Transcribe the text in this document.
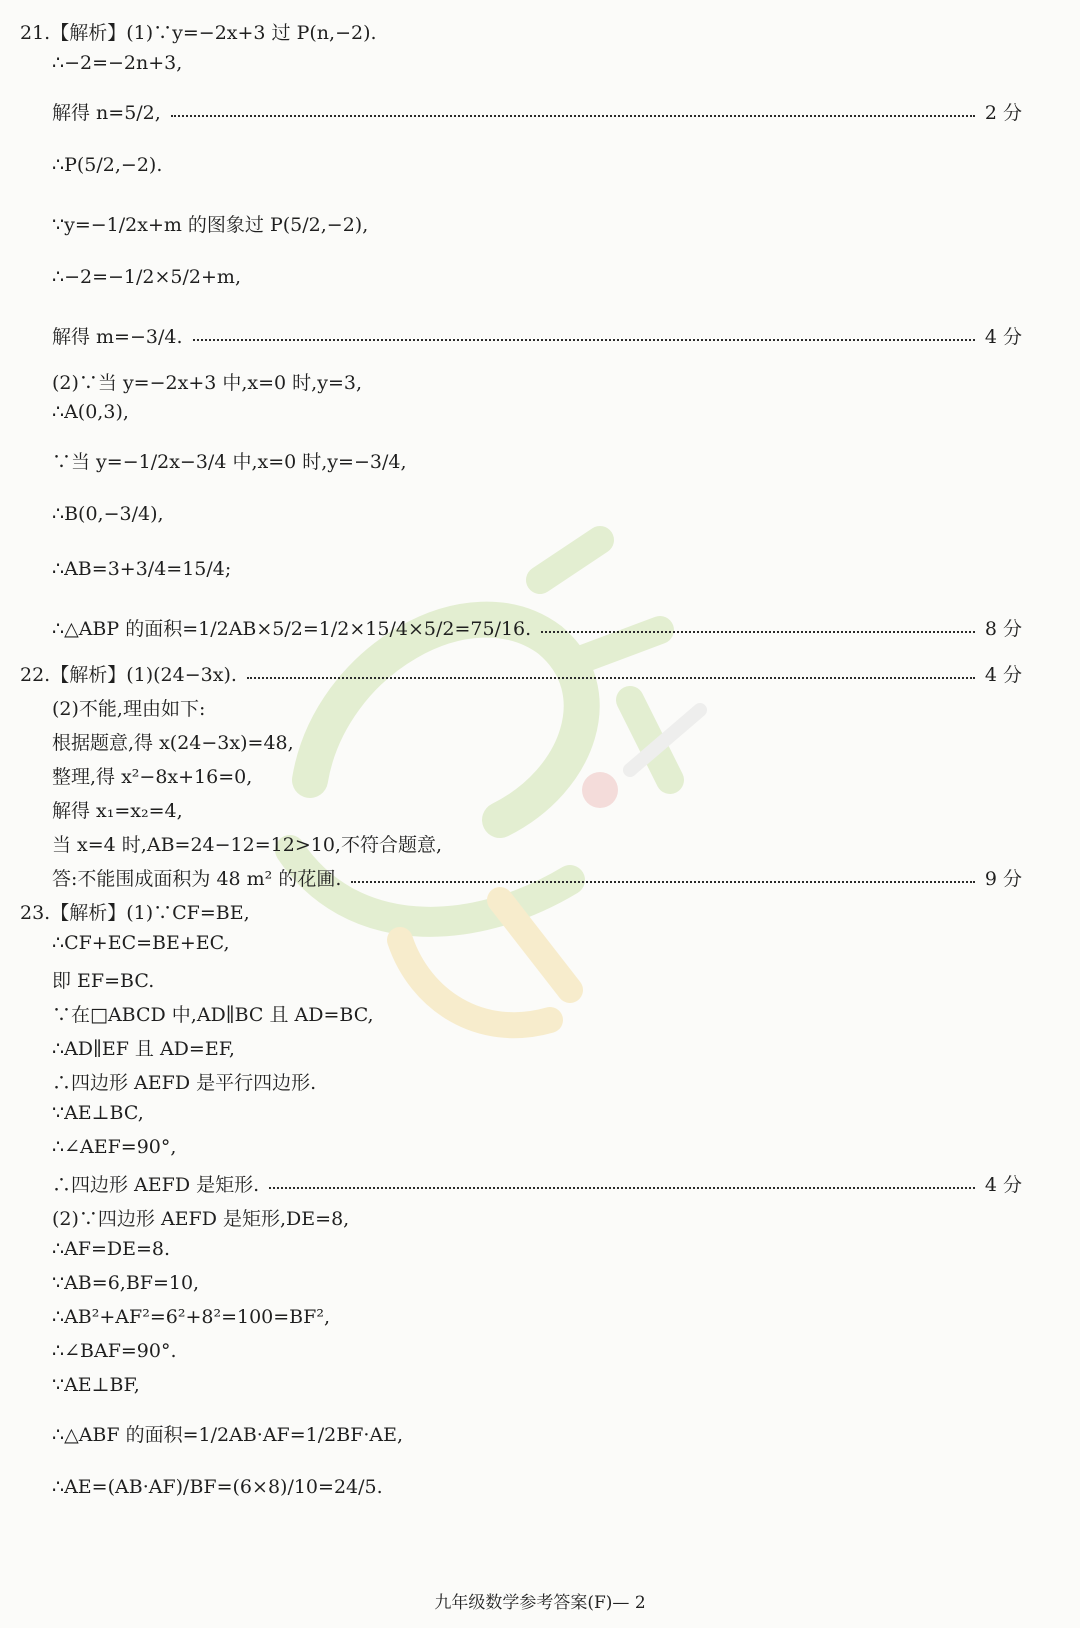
21.【解析】(1)∵y=−2x+3 过 P(n,−2).
∴−2=−2n+3,
解得 n=5/2,	2 分
∴P(5/2,−2).
∵y=−1/2x+m 的图象过 P(5/2,−2),
∴−2=−1/2×5/2+m,
解得 m=−3/4.	4 分
(2)∵当 y=−2x+3 中,x=0 时,y=3,
∴A(0,3),
∵当 y=−1/2x−3/4 中,x=0 时,y=−3/4,
∴B(0,−3/4),
∴AB=3+3/4=15/4;
∴△ABP 的面积=1/2AB×5/2=1/2×15/4×5/2=75/16.	8 分
22.【解析】(1)(24−3x).	4 分
(2)不能,理由如下:
根据题意,得 x(24−3x)=48,
整理,得 x²−8x+16=0,
解得 x₁=x₂=4,
当 x=4 时,AB=24−12=12>10,不符合题意,
答:不能围成面积为 48 m² 的花圃.	9 分
23.【解析】(1)∵CF=BE,
∴CF+EC=BE+EC,
即 EF=BC.
∵在□ABCD 中,AD∥BC 且 AD=BC,
∴AD∥EF 且 AD=EF,
∴四边形 AEFD 是平行四边形.
∵AE⊥BC,
∴∠AEF=90°,
∴四边形 AEFD 是矩形.	4 分
(2)∵四边形 AEFD 是矩形,DE=8,
∴AF=DE=8.
∵AB=6,BF=10,
∴AB²+AF²=6²+8²=100=BF²,
∴∠BAF=90°.
∵AE⊥BF,
∴△ABF 的面积=1/2AB·AF=1/2BF·AE,
∴AE=(AB·AF)/BF=(6×8)/10=24/5.
九年级数学参考答案(F)— 2
